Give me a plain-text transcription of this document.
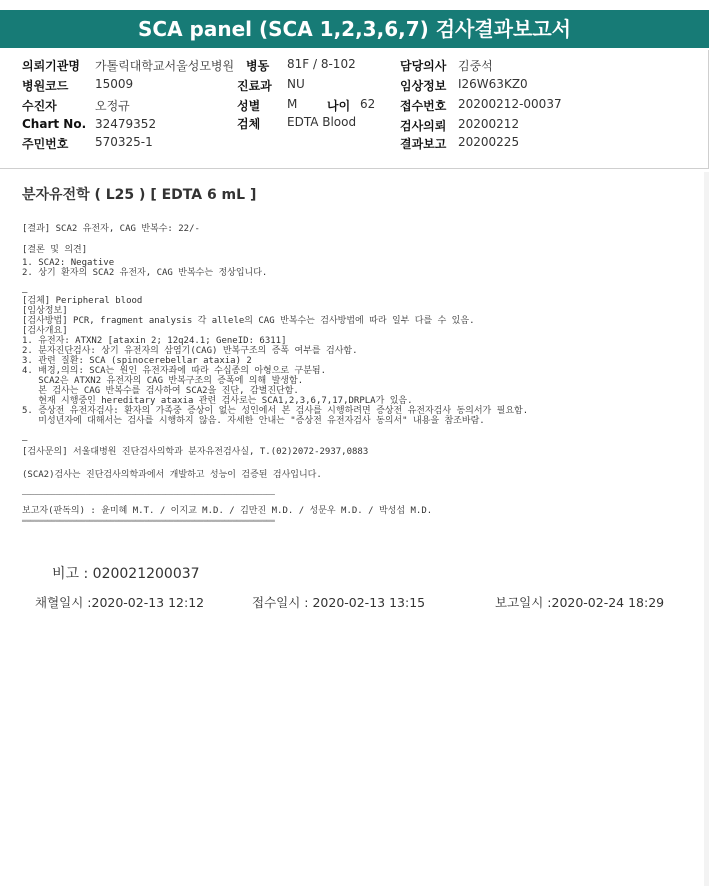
SCA panel (SCA 1,2,3,6,7) 검사결과보고서
의뢰기관명 가톨릭대학교서울성모병원 병동 81F / 8-102	담당의사 김중석
병원코드 15009	진료과 NU	임상정보 I26W63KZ0
수진자	오정규	성별 M 나이 62 접수번호 20200212-00037
Chart No. 32479352	검체 EDTA Blood	검사의뢰 20200212
주민번호 570325-1	결과보고 20200225
분자유전학 ( L25 ) [ EDTA 6 mL ]
[결과] SCA2 유전자, CAG 반복수: 22/-
[결론 및 의견]
1. SCA2: Negative
2. 상기 환자의 SCA2 유전자, CAG 반복수는 정상입니다.
—
[검체] Peripheral blood
[임상정보]
[검사방법] PCR, fragment analysis 각 allele의 CAG 반복수는 검사방법에 따라 일부 다를 수 있음.
[검사개요]
1. 유전자: ATXN2 [ataxin 2; 12q24.1; GeneID: 6311]
2. 분자진단검사: 상기 유전자의 삼염기(CAG) 반복구조의 증폭 여부를 검사함.
3. 관련 질환: SCA (spinocerebellar ataxia) 2
4. 배경,의의: SCA는 원인 유전자좌에 따라 수십종의 아형으로 구분됨.
SCA2은 ATXN2 유전자의 CAG 반복구조의 증폭에 의해 발생함.
본 검사는 CAG 반복수를 검사하여 SCA2을 진단, 감별진단함.
현재 시행중인 hereditary ataxia 관련 검사로는 SCA1,2,3,6,7,17,DRPLA가 있음.
5. 증상전 유전자검사: 환자의 가족중 증상이 없는 성인에서 본 검사를 시행하려면 증상전 유전자검사 동의서가 필요함.
미성년자에 대해서는 검사를 시행하지 않음. 자세한 안내는 "증상전 유전자검사 동의서" 내용을 참조바람.
—
[검사문의] 서울대병원 진단검사의학과 분자유전검사실, T.(02)2072-2937,0883
(SCA2)검사는 진단검사의학과에서 개발하고 성능이 검증된 검사입니다.
────────────────────────────────────────────────────────────
보고자(판독의) : 윤미혜 M.T. / 이지교 M.D. / 김만진 M.D. / 성문우 M.D. / 박성섭 M.D.
════════════════════════════════════════════════════════════
비고 : 020021200037
채혈일시 :2020-02-13 12:12	접수일시 : 2020-02-13 13:15	보고일시 :2020-02-24 18:29
